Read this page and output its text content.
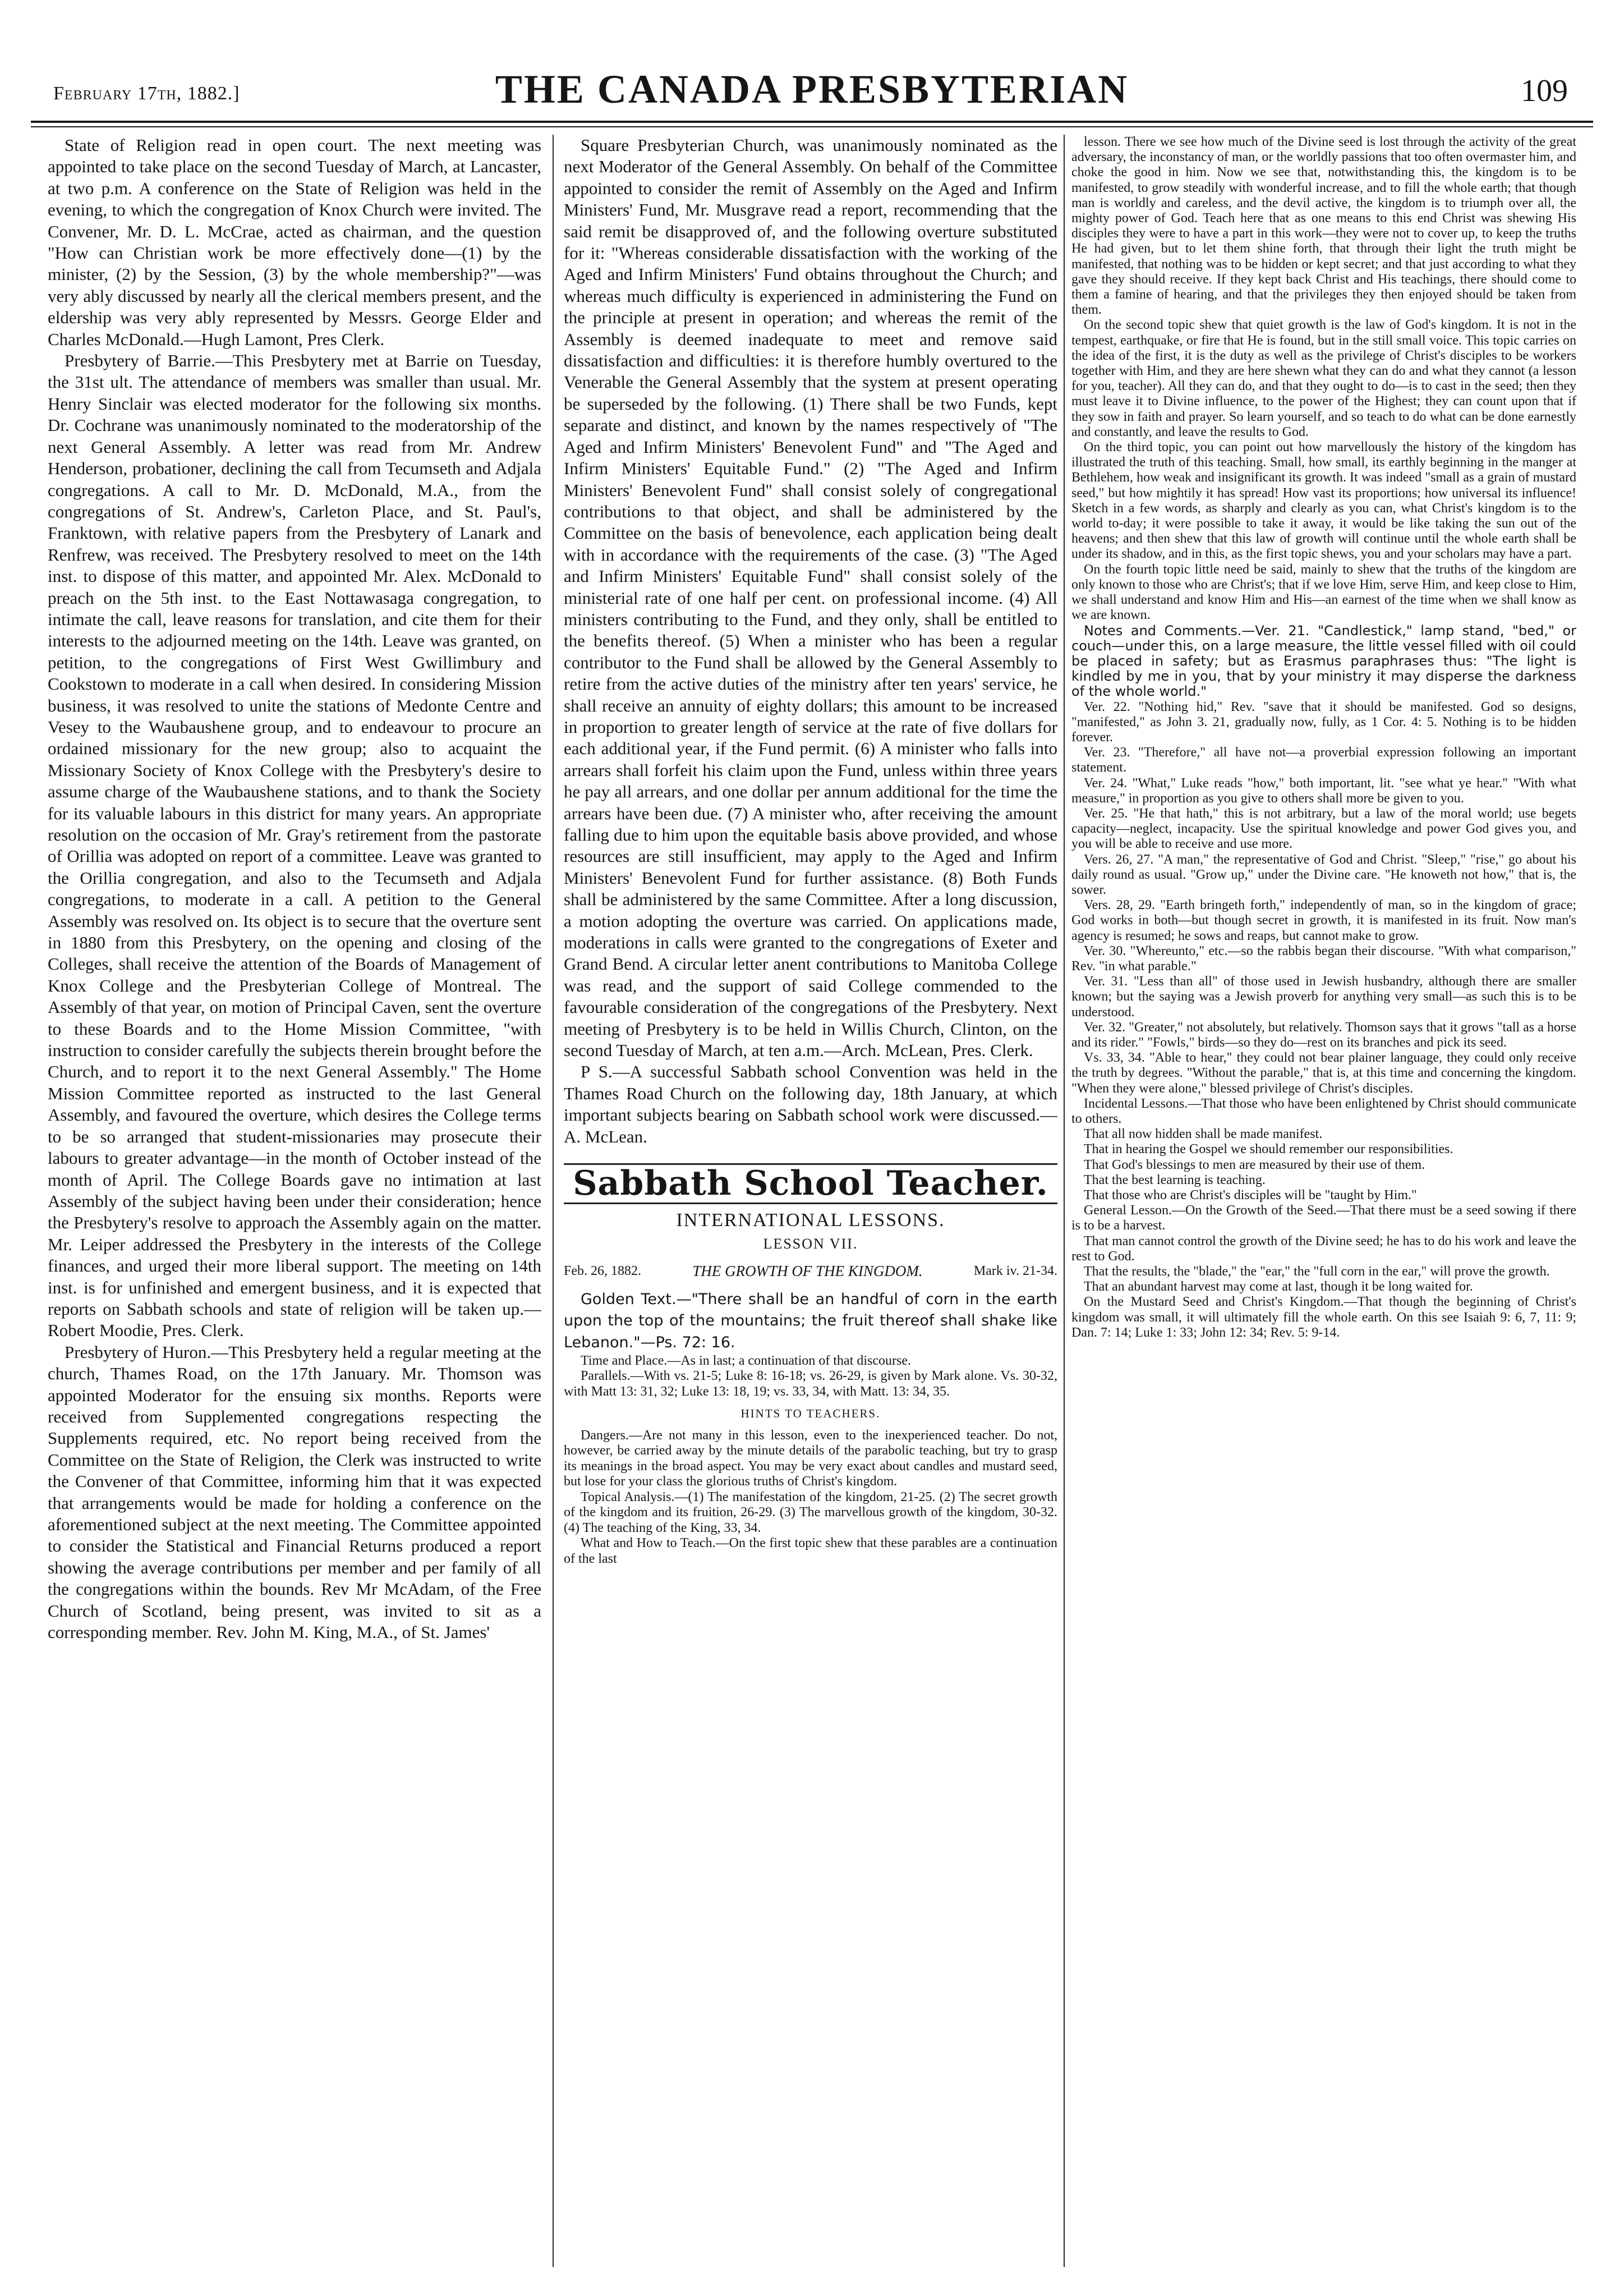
February 17th, 1882.]	THE CANADA PRESBYTERIAN	109

State of Religion read in open court. The next meeting was appointed to take place on the second Tuesday of March, at Lancaster, at two p.m. A conference on the State of Religion was held in the evening, to which the congregation of Knox Church were invited. The Convener, Mr. D. L. McCrae, acted as chairman, and the question "How can Christian work be more effectively done—(1) by the minister, (2) by the Session, (3) by the whole membership?"—was very ably discussed by nearly all the clerical members present, and the eldership was very ably represented by Messrs. George Elder and Charles McDonald.—Hugh Lamont, Pres Clerk.

Presbytery of Barrie.—This Presbytery met at Barrie on Tuesday, the 31st ult. The attendance of members was smaller than usual. Mr. Henry Sinclair was elected moderator for the following six months. Dr. Cochrane was unanimously nominated to the moderatorship of the next General Assembly. A letter was read from Mr. Andrew Henderson, probationer, declining the call from Tecumseth and Adjala congregations. A call to Mr. D. McDonald, M.A., from the congregations of St. Andrew's, Carleton Place, and St. Paul's, Franktown, with relative papers from the Presbytery of Lanark and Renfrew, was received. The Presbytery resolved to meet on the 14th inst. to dispose of this matter, and appointed Mr. Alex. McDonald to preach on the 5th inst. to the East Nottawasaga congregation, to intimate the call, leave reasons for translation, and cite them for their interests to the adjourned meeting on the 14th. Leave was granted, on petition, to the congregations of First West Gwillimbury and Cookstown to moderate in a call when desired. In considering Mission business, it was resolved to unite the stations of Medonte Centre and Vesey to the Waubaushene group, and to endeavour to procure an ordained missionary for the new group; also to acquaint the Missionary Society of Knox College with the Presbytery's desire to assume charge of the Waubaushene stations, and to thank the Society for its valuable labours in this district for many years. An appropriate resolution on the occasion of Mr. Gray's retirement from the pastorate of Orillia was adopted on report of a committee. Leave was granted to the Orillia congregation, and also to the Tecumseth and Adjala congregations, to moderate in a call. A petition to the General Assembly was resolved on. Its object is to secure that the overture sent in 1880 from this Presbytery, on the opening and closing of the Colleges, shall receive the attention of the Boards of Management of Knox College and the Presbyterian College of Montreal. The Assembly of that year, on motion of Principal Caven, sent the overture to these Boards and to the Home Mission Committee, "with instruction to consider carefully the subjects therein brought before the Church, and to report it to the next General Assembly." The Home Mission Committee reported as instructed to the last General Assembly, and favoured the overture, which desires the College terms to be so arranged that student-missionaries may prosecute their labours to greater advantage—in the month of October instead of the month of April. The College Boards gave no intimation at last Assembly of the subject having been under their consideration; hence the Presbytery's resolve to approach the Assembly again on the matter. Mr. Leiper addressed the Presbytery in the interests of the College finances, and urged their more liberal support. The meeting on 14th inst. is for unfinished and emergent business, and it is expected that reports on Sabbath schools and state of religion will be taken up.—Robert Moodie, Pres. Clerk.

Presbytery of Huron.—This Presbytery held a regular meeting at the church, Thames Road, on the 17th January. Mr. Thomson was appointed Moderator for the ensuing six months. Reports were received from Supplemented congregations respecting the Supplements required, etc. No report being received from the Committee on the State of Religion, the Clerk was instructed to write the Convener of that Committee, informing him that it was expected that arrangements would be made for holding a conference on the aforementioned subject at the next meeting. The Committee appointed to consider the Statistical and Financial Returns produced a report showing the average contributions per member and per family of all the congregations within the bounds. Rev Mr McAdam, of the Free Church of Scotland, being present, was invited to sit as a corresponding member. Rev. John M. King, M.A., of St. James'

Square Presbyterian Church, was unanimously nominated as the next Moderator of the General Assembly. On behalf of the Committee appointed to consider the remit of Assembly on the Aged and Infirm Ministers' Fund, Mr. Musgrave read a report, recommending that the said remit be disapproved of, and the following overture substituted for it: "Whereas considerable dissatisfaction with the working of the Aged and Infirm Ministers' Fund obtains throughout the Church; and whereas much difficulty is experienced in administering the Fund on the principle at present in operation; and whereas the remit of the Assembly is deemed inadequate to meet and remove said dissatisfaction and difficulties: it is therefore humbly overtured to the Venerable the General Assembly that the system at present operating be superseded by the following. (1) There shall be two Funds, kept separate and distinct, and known by the names respectively of "The Aged and Infirm Ministers' Benevolent Fund" and "The Aged and Infirm Ministers' Equitable Fund." (2) "The Aged and Infirm Ministers' Benevolent Fund" shall consist solely of congregational contributions to that object, and shall be administered by the Committee on the basis of benevolence, each application being dealt with in accordance with the requirements of the case. (3) "The Aged and Infirm Ministers' Equitable Fund" shall consist solely of the ministerial rate of one half per cent. on professional income. (4) All ministers contributing to the Fund, and they only, shall be entitled to the benefits thereof. (5) When a minister who has been a regular contributor to the Fund shall be allowed by the General Assembly to retire from the active duties of the ministry after ten years' service, he shall receive an annuity of eighty dollars; this amount to be increased in proportion to greater length of service at the rate of five dollars for each additional year, if the Fund permit. (6) A minister who falls into arrears shall forfeit his claim upon the Fund, unless within three years he pay all arrears, and one dollar per annum additional for the time the arrears have been due. (7) A minister who, after receiving the amount falling due to him upon the equitable basis above provided, and whose resources are still insufficient, may apply to the Aged and Infirm Ministers' Benevolent Fund for further assistance. (8) Both Funds shall be administered by the same Committee. After a long discussion, a motion adopting the overture was carried. On applications made, moderations in calls were granted to the congregations of Exeter and Grand Bend. A circular letter anent contributions to Manitoba College was read, and the support of said College commended to the favourable consideration of the congregations of the Presbytery. Next meeting of Presbytery is to be held in Willis Church, Clinton, on the second Tuesday of March, at ten a.m.—Arch. McLean, Pres. Clerk.

P S.—A successful Sabbath school Convention was held in the Thames Road Church on the following day, 18th January, at which important subjects bearing on Sabbath school work were discussed.—A. McLean.

Sabbath School Teacher.
INTERNATIONAL LESSONS.
LESSON VII.
Feb. 26, 1882.	THE GROWTH OF THE KINGDOM.	Mark iv. 21-34.

Golden Text.—"There shall be an handful of corn in the earth upon the top of the mountains; the fruit thereof shall shake like Lebanon."—Ps. 72: 16.

Time and Place.—As in last; a continuation of that discourse.

Parallels.—With vs. 21-5; Luke 8: 16-18; vs. 26-29, is given by Mark alone. Vs. 30-32, with Matt 13: 31, 32; Luke 13: 18, 19; vs. 33, 34, with Matt. 13: 34, 35.

HINTS TO TEACHERS.

Dangers.—Are not many in this lesson, even to the inexperienced teacher. Do not, however, be carried away by the minute details of the parabolic teaching, but try to grasp its meanings in the broad aspect. You may be very exact about candles and mustard seed, but lose for your class the glorious truths of Christ's kingdom.

Topical Analysis.—(1) The manifestation of the kingdom, 21-25. (2) The secret growth of the kingdom and its fruition, 26-29. (3) The marvellous growth of the kingdom, 30-32. (4) The teaching of the King, 33, 34.

What and How to Teach.—On the first topic shew that these parables are a continuation of the last

lesson. There we see how much of the Divine seed is lost through the activity of the great adversary, the inconstancy of man, or the worldly passions that too often overmaster him, and choke the good in him. Now we see that, notwithstanding this, the kingdom is to be manifested, to grow steadily with wonderful increase, and to fill the whole earth; that though man is worldly and careless, and the devil active, the kingdom is to triumph over all, the mighty power of God. Teach here that as one means to this end Christ was shewing His disciples they were to have a part in this work—they were not to cover up, to keep the truths He had given, but to let them shine forth, that through their light the truth might be manifested, that nothing was to be hidden or kept secret; and that just according to what they gave they should receive. If they kept back Christ and His teachings, there should come to them a famine of hearing, and that the privileges they then enjoyed should be taken from them.

On the second topic shew that quiet growth is the law of God's kingdom. It is not in the tempest, earthquake, or fire that He is found, but in the still small voice. This topic carries on the idea of the first, it is the duty as well as the privilege of Christ's disciples to be workers together with Him, and they are here shewn what they can do and what they cannot (a lesson for you, teacher). All they can do, and that they ought to do—is to cast in the seed; then they must leave it to Divine influence, to the power of the Highest; they can count upon that if they sow in faith and prayer. So learn yourself, and so teach to do what can be done earnestly and constantly, and leave the results to God.

On the third topic, you can point out how marvellously the history of the kingdom has illustrated the truth of this teaching. Small, how small, its earthly beginning in the manger at Bethlehem, how weak and insignificant its growth. It was indeed "small as a grain of mustard seed," but how mightily it has spread! How vast its proportions; how universal its influence! Sketch in a few words, as sharply and clearly as you can, what Christ's kingdom is to the world to-day; it were possible to take it away, it would be like taking the sun out of the heavens; and then shew that this law of growth will continue until the whole earth shall be under its shadow, and in this, as the first topic shews, you and your scholars may have a part.

On the fourth topic little need be said, mainly to shew that the truths of the kingdom are only known to those who are Christ's; that if we love Him, serve Him, and keep close to Him, we shall understand and know Him and His—an earnest of the time when we shall know as we are known.

Notes and Comments.—Ver. 21. "Candlestick," lamp stand, "bed," or couch—under this, on a large measure, the little vessel filled with oil could be placed in safety; but as Erasmus paraphrases thus: "The light is kindled by me in you, that by your ministry it may disperse the darkness of the whole world."

Ver. 22. "Nothing hid," Rev. "save that it should be manifested. God so designs, "manifested," as John 3. 21, gradually now, fully, as 1 Cor. 4: 5. Nothing is to be hidden forever.

Ver. 23. "Therefore," all have not—a proverbial expression following an important statement.

Ver. 24. "What," Luke reads "how," both important, lit. "see what ye hear." "With what measure," in proportion as you give to others shall more be given to you.

Ver. 25. "He that hath," this is not arbitrary, but a law of the moral world; use begets capacity—neglect, incapacity. Use the spiritual knowledge and power God gives you, and you will be able to receive and use more.

Vers. 26, 27. "A man," the representative of God and Christ. "Sleep," "rise," go about his daily round as usual. "Grow up," under the Divine care. "He knoweth not how," that is, the sower.

Vers. 28, 29. "Earth bringeth forth," independently of man, so in the kingdom of grace; God works in both—but though secret in growth, it is manifested in its fruit. Now man's agency is resumed; he sows and reaps, but cannot make to grow.

Ver. 30. "Whereunto," etc.—so the rabbis began their discourse. "With what comparison," Rev. "in what parable."

Ver. 31. "Less than all" of those used in Jewish husbandry, although there are smaller known; but the saying was a Jewish proverb for anything very small—as such this is to be understood.

Ver. 32. "Greater," not absolutely, but relatively. Thomson says that it grows "tall as a horse and its rider." "Fowls," birds—so they do—rest on its branches and pick its seed.

Vs. 33, 34. "Able to hear," they could not bear plainer language, they could only receive the truth by degrees. "Without the parable," that is, at this time and concerning the kingdom. "When they were alone," blessed privilege of Christ's disciples.

Incidental Lessons.—That those who have been enlightened by Christ should communicate to others.

That all now hidden shall be made manifest.

That in hearing the Gospel we should remember our responsibilities.

That God's blessings to men are measured by their use of them.

That the best learning is teaching.

That those who are Christ's disciples will be "taught by Him."

General Lesson.—On the Growth of the Seed.—That there must be a seed sowing if there is to be a harvest.

That man cannot control the growth of the Divine seed; he has to do his work and leave the rest to God.

That the results, the "blade," the "ear," the "full corn in the ear," will prove the growth.

That an abundant harvest may come at last, though it be long waited for.

On the Mustard Seed and Christ's Kingdom.—That though the beginning of Christ's kingdom was small, it will ultimately fill the whole earth. On this see Isaiah 9: 6, 7, 11: 9; Dan. 7: 14; Luke 1: 33; John 12: 34; Rev. 5: 9-14.
